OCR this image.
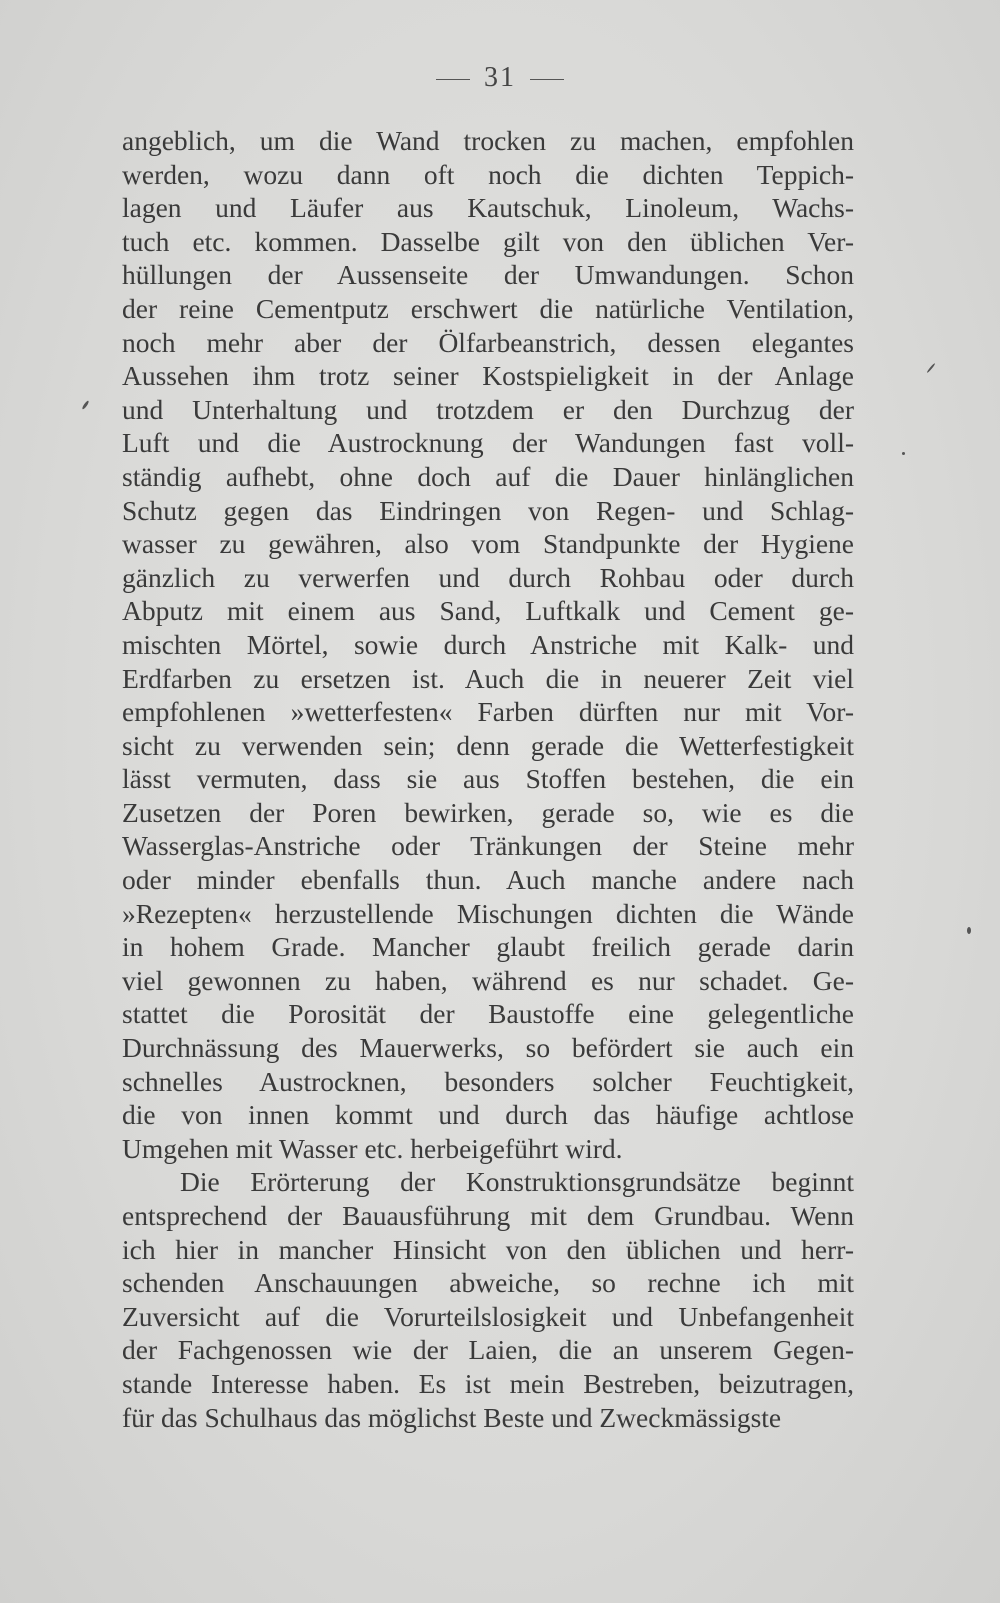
31
angeblich, um die Wand trocken zu machen, empfohlen
werden, wozu dann oft noch die dichten Teppich-
lagen und Läufer aus Kautschuk, Linoleum, Wachs-
tuch etc. kommen. Dasselbe gilt von den üblichen Ver-
hüllungen der Aussenseite der Umwandungen. Schon
der reine Cementputz erschwert die natürliche Ventilation,
noch mehr aber der Ölfarbeanstrich, dessen elegantes
Aussehen ihm trotz seiner Kostspieligkeit in der Anlage
und Unterhaltung und trotzdem er den Durchzug der
Luft und die Austrocknung der Wandungen fast voll-
ständig aufhebt, ohne doch auf die Dauer hinlänglichen
Schutz gegen das Eindringen von Regen- und Schlag-
wasser zu gewähren, also vom Standpunkte der Hygiene
gänzlich zu verwerfen und durch Rohbau oder durch
Abputz mit einem aus Sand, Luftkalk und Cement ge-
mischten Mörtel, sowie durch Anstriche mit Kalk- und
Erdfarben zu ersetzen ist. Auch die in neuerer Zeit viel
empfohlenen »wetterfesten« Farben dürften nur mit Vor-
sicht zu verwenden sein; denn gerade die Wetterfestigkeit
lässt vermuten, dass sie aus Stoffen bestehen, die ein
Zusetzen der Poren bewirken, gerade so, wie es die
Wasserglas-Anstriche oder Tränkungen der Steine mehr
oder minder ebenfalls thun. Auch manche andere nach
»Rezepten« herzustellende Mischungen dichten die Wände
in hohem Grade. Mancher glaubt freilich gerade darin
viel gewonnen zu haben, während es nur schadet. Ge-
stattet die Porosität der Baustoffe eine gelegentliche
Durchnässung des Mauerwerks, so befördert sie auch ein
schnelles Austrocknen, besonders solcher Feuchtigkeit,
die von innen kommt und durch das häufige achtlose
Umgehen mit Wasser etc. herbeigeführt wird.
Die Erörterung der Konstruktionsgrundsätze beginnt
entsprechend der Bauausführung mit dem Grundbau. Wenn
ich hier in mancher Hinsicht von den üblichen und herr-
schenden Anschauungen abweiche, so rechne ich mit
Zuversicht auf die Vorurteilslosigkeit und Unbefangenheit
der Fachgenossen wie der Laien, die an unserem Gegen-
stande Interesse haben. Es ist mein Bestreben, beizutragen,
für das Schulhaus das möglichst Beste und Zweckmässigste
